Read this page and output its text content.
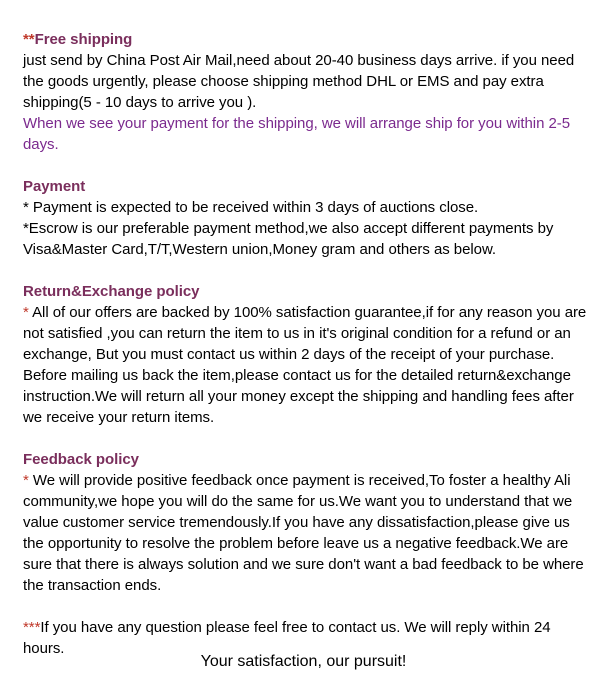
**Free shipping

just send by China Post Air Mail,need about 20-40 business days arrive. if you need the goods urgently, please choose shipping method DHL or EMS and pay extra shipping(5 - 10 days to arrive you ).

When we see your payment for the shipping, we will arrange ship for you within 2-5 days.

Payment

* Payment is expected to be received within 3 days of auctions close.

*Escrow is our preferable payment method,we also accept different payments by Visa&Master Card,T/T,Western union,Money gram and others as below.

Return&Exchange policy

* All of our offers are backed by 100% satisfaction guarantee,if for any reason you are not satisfied ,you can return the item to us in it's original condition for a refund or an exchange, But you must contact us within 2 days of the receipt of your purchase. Before mailing us back the item,please contact us for the detailed return&exchange instruction.We will return all your money except the shipping and handling fees after we receive your return items.

Feedback policy

* We will provide positive feedback once payment is received,To foster a healthy Ali community,we hope you will do the same for us.We want you to understand that we value customer service tremendously.If you have any dissatisfaction,please give us the opportunity to resolve the problem before leave us a negative feedback.We are sure that there is always solution and we sure don't want a bad feedback to be where the transaction ends.

***If you have any question please feel free to contact us. We will reply within 24 hours.

Your satisfaction, our pursuit!
